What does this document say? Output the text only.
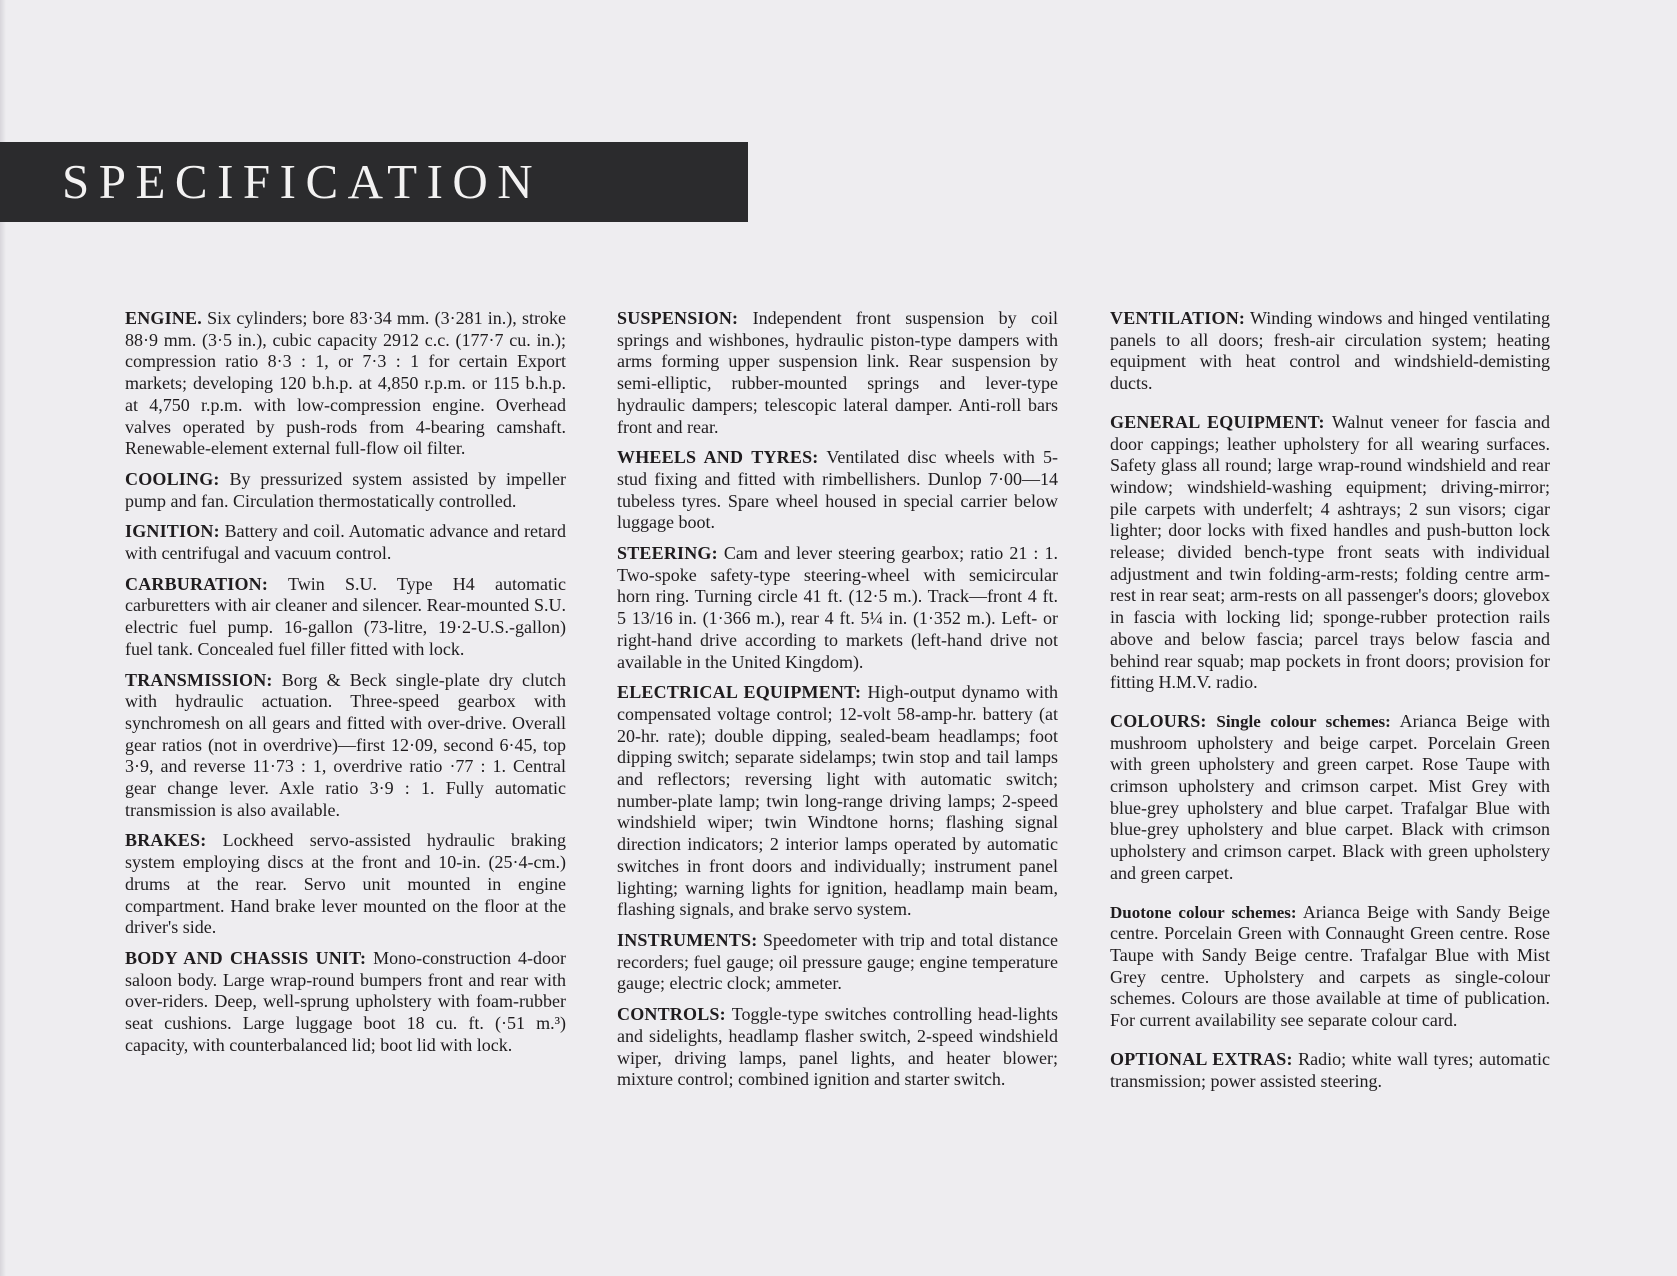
SPECIFICATION

ENGINE. Six cylinders; bore 83·34 mm. (3·281 in.), stroke 88·9 mm. (3·5 in.), cubic capacity 2912 c.c. (177·7 cu. in.); compression ratio 8·3 : 1, or 7·3 : 1 for certain Export markets; developing 120 b.h.p. at 4,850 r.p.m. or 115 b.h.p. at 4,750 r.p.m. with low-compression engine. Overhead valves operated by push-rods from 4-bearing camshaft. Renewable-element external full-flow oil filter.

COOLING: By pressurized system assisted by impeller pump and fan. Circulation thermostatically controlled.

IGNITION: Battery and coil. Automatic advance and retard with centrifugal and vacuum control.

CARBURATION: Twin S.U. Type H4 automatic carburetters with air cleaner and silencer. Rear-mounted S.U. electric fuel pump. 16-gallon (73-litre, 19·2-U.S.-gallon) fuel tank. Concealed fuel filler fitted with lock.

TRANSMISSION: Borg & Beck single-plate dry clutch with hydraulic actuation. Three-speed gearbox with synchromesh on all gears and fitted with over-drive. Overall gear ratios (not in overdrive)—first 12·09, second 6·45, top 3·9, and reverse 11·73 : 1, overdrive ratio ·77 : 1. Central gear change lever. Axle ratio 3·9 : 1. Fully automatic transmission is also available.

BRAKES: Lockheed servo-assisted hydraulic braking system employing discs at the front and 10-in. (25·4-cm.) drums at the rear. Servo unit mounted in engine compartment. Hand brake lever mounted on the floor at the driver's side.

BODY AND CHASSIS UNIT: Mono-construction 4-door saloon body. Large wrap-round bumpers front and rear with over-riders. Deep, well-sprung upholstery with foam-rubber seat cushions. Large luggage boot 18 cu. ft. (·51 m.³) capacity, with counterbalanced lid; boot lid with lock.

SUSPENSION: Independent front suspension by coil springs and wishbones, hydraulic piston-type dampers with arms forming upper suspension link. Rear suspension by semi-elliptic, rubber-mounted springs and lever-type hydraulic dampers; telescopic lateral damper. Anti-roll bars front and rear.

WHEELS AND TYRES: Ventilated disc wheels with 5-stud fixing and fitted with rimbellishers. Dunlop 7·00—14 tubeless tyres. Spare wheel housed in special carrier below luggage boot.

STEERING: Cam and lever steering gearbox; ratio 21 : 1. Two-spoke safety-type steering-wheel with semicircular horn ring. Turning circle 41 ft. (12·5 m.). Track—front 4 ft. 5 13/16 in. (1·366 m.), rear 4 ft. 5¼ in. (1·352 m.). Left- or right-hand drive according to markets (left-hand drive not available in the United Kingdom).

ELECTRICAL EQUIPMENT: High-output dynamo with compensated voltage control; 12-volt 58-amp-hr. battery (at 20-hr. rate); double dipping, sealed-beam headlamps; foot dipping switch; separate sidelamps; twin stop and tail lamps and reflectors; reversing light with automatic switch; number-plate lamp; twin long-range driving lamps; 2-speed windshield wiper; twin Windtone horns; flashing signal direction indicators; 2 interior lamps operated by automatic switches in front doors and individually; instrument panel lighting; warning lights for ignition, headlamp main beam, flashing signals, and brake servo system.

INSTRUMENTS: Speedometer with trip and total distance recorders; fuel gauge; oil pressure gauge; engine temperature gauge; electric clock; ammeter.

CONTROLS: Toggle-type switches controlling head-lights and sidelights, headlamp flasher switch, 2-speed windshield wiper, driving lamps, panel lights, and heater blower; mixture control; combined ignition and starter switch.

VENTILATION: Winding windows and hinged ventilating panels to all doors; fresh-air circulation system; heating equipment with heat control and windshield-demisting ducts.

GENERAL EQUIPMENT: Walnut veneer for fascia and door cappings; leather upholstery for all wearing surfaces. Safety glass all round; large wrap-round windshield and rear window; windshield-washing equipment; driving-mirror; pile carpets with underfelt; 4 ashtrays; 2 sun visors; cigar lighter; door locks with fixed handles and push-button lock release; divided bench-type front seats with individual adjustment and twin folding-arm-rests; folding centre arm-rest in rear seat; arm-rests on all passenger's doors; glovebox in fascia with locking lid; sponge-rubber protection rails above and below fascia; parcel trays below fascia and behind rear squab; map pockets in front doors; provision for fitting H.M.V. radio.

COLOURS: Single colour schemes: Arianca Beige with mushroom upholstery and beige carpet. Porcelain Green with green upholstery and green carpet. Rose Taupe with crimson upholstery and crimson carpet. Mist Grey with blue-grey upholstery and blue carpet. Trafalgar Blue with blue-grey upholstery and blue carpet. Black with crimson upholstery and crimson carpet. Black with green upholstery and green carpet.

Duotone colour schemes: Arianca Beige with Sandy Beige centre. Porcelain Green with Connaught Green centre. Rose Taupe with Sandy Beige centre. Trafalgar Blue with Mist Grey centre. Upholstery and carpets as single-colour schemes. Colours are those available at time of publication. For current availability see separate colour card.

OPTIONAL EXTRAS: Radio; white wall tyres; automatic transmission; power assisted steering.
